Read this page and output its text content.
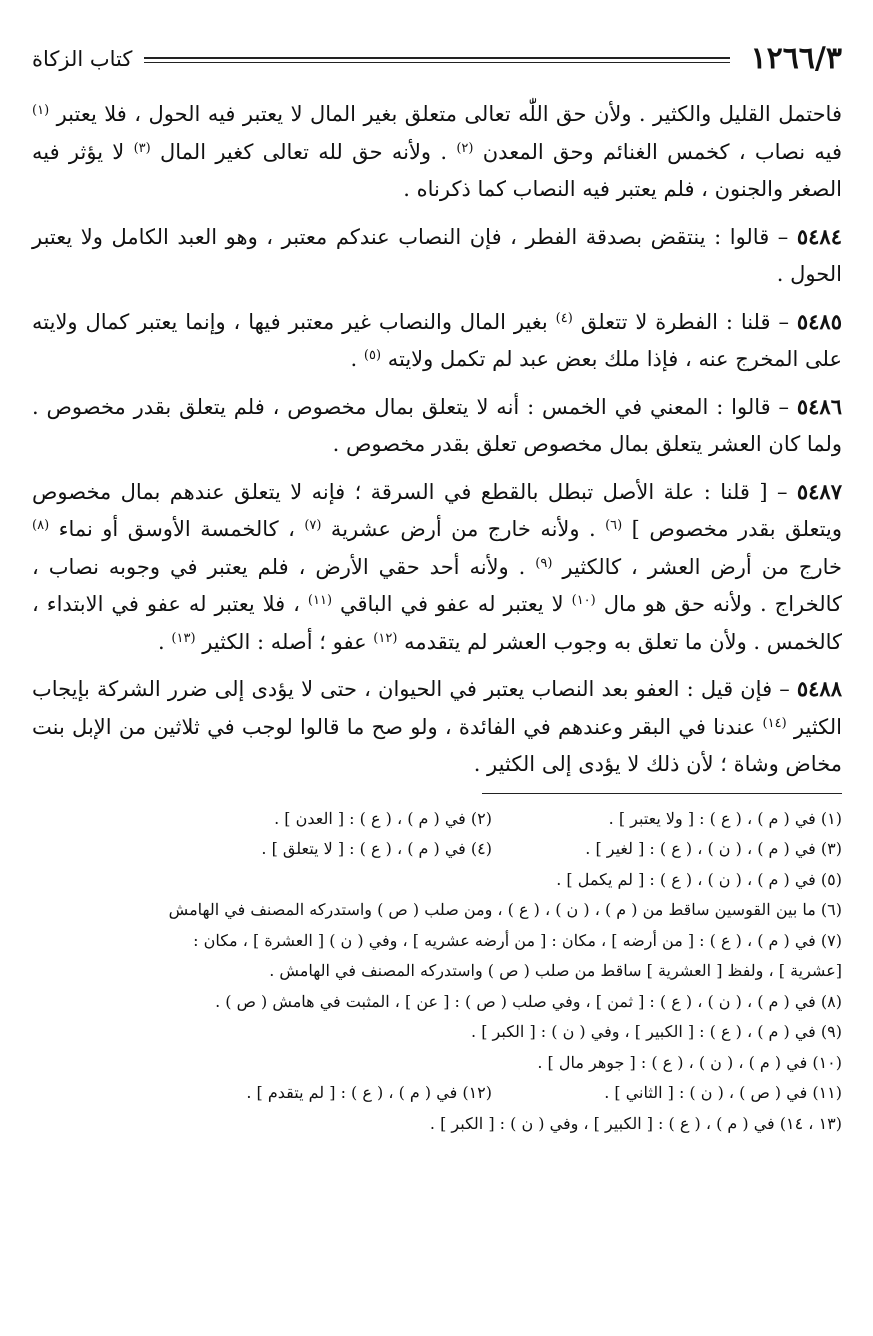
١٢٦٦/٣
كتاب الزكاة

فاحتمل القليل والكثير . ولأن حق اللّٰه تعالى متعلق بغير المال لا يعتبر فيه الحول ، فلا يعتبر $^{(١)}$ فيه نصاب ، كخمس الغنائم وحق المعدن $^{(٢)}$ . ولأنه حق لله تعالى كغير المال $^{(٣)}$ لا يؤثر فيه الصغر والجنون ، فلم يعتبر فيه النصاب كما ذكرناه .

٥٤٨٤ – قالوا : ينتقض بصدقة الفطر ، فإن النصاب عندكم معتبر ، وهو العبد الكامل ولا يعتبر الحول .

٥٤٨٥ – قلنا : الفطرة لا تتعلق $^{(٤)}$ بغير المال والنصاب غير معتبر فيها ، وإنما يعتبر كمال ولايته على المخرج عنه ، فإذا ملك بعض عبد لم تكمل ولايته $^{(٥)}$ .

٥٤٨٦ – قالوا : المعني في الخمس : أنه لا يتعلق بمال مخصوص ، فلم يتعلق بقدر مخصوص . ولما كان العشر يتعلق بمال مخصوص تعلق بقدر مخصوص .

٥٤٨٧ – [ قلنا : علة الأصل تبطل بالقطع في السرقة ؛ فإنه لا يتعلق عندهم بمال مخصوص ويتعلق بقدر مخصوص ] $^{(٦)}$ . ولأنه خارج من أرض عشرية $^{(٧)}$ ، كالخمسة الأوسق أو نماء $^{(٨)}$ خارج من أرض العشر ، كالكثير $^{(٩)}$ . ولأنه أحد حقي الأرض ، فلم يعتبر في وجوبه نصاب ، كالخراج . ولأنه حق هو مال $^{(١٠)}$ لا يعتبر له عفو في الباقي $^{(١١)}$ ، فلا يعتبر له عفو في الابتداء ، كالخمس . ولأن ما تعلق به وجوب العشر لم يتقدمه $^{(١٢)}$ عفو ؛ أصله : الكثير $^{(١٣)}$ .

٥٤٨٨ – فإن قيل : العفو بعد النصاب يعتبر في الحيوان ، حتى لا يؤدى إلى ضرر الشركة بإيجاب الكثير $^{(١٤)}$ عندنا في البقر وعندهم في الفائدة ، ولو صح ما قالوا لوجب في ثلاثين من الإبل بنت مخاض وشاة ؛ لأن ذلك لا يؤدى إلى الكثير .

(١) في ( م ) ، ( ع ) : [ ولا يعتبر ] .
(٢) في ( م ) ، ( ع ) : [ العدن ] .
(٣) في ( م ) ، ( ن ) ، ( ع ) : [ لغير ] .
(٤) في ( م ) ، ( ع ) : [ لا يتعلق ] .
(٥) في ( م ) ، ( ن ) ، ( ع ) : [ لم يكمل ] .
(٦) ما بين القوسين ساقط من ( م ) ، ( ن ) ، ( ع ) ، ومن صلب ( ص ) واستدركه المصنف في الهامش
(٧) في ( م ) ، ( ع ) : [ من أرضه ] ، مكان : [ من أرضه عشريه ] ، وفي ( ن ) [ العشرة ] ، مكان :
[عشرية ] ، ولفظ [ العشرية ] ساقط من صلب ( ص ) واستدركه المصنف في الهامش .
(٨) في ( م ) ، ( ن ) ، ( ع ) : [ ثمن ] ، وفي صلب ( ص ) : [ عن ] ، المثبت في هامش ( ص ) .
(٩) في ( م ) ، ( ع ) : [ الكبير ] ، وفي ( ن ) : [ الكبر ] .
(١٠) في ( م ) ، ( ن ) ، ( ع ) : [ جوهر مال ] .
(١١) في ( ص ) ، ( ن ) : [ الثاني ] .
(١٢) في ( م ) ، ( ع ) : [ لم يتقدم ] .
(١٣ ، ١٤) في ( م ) ، ( ع ) : [ الكبير ] ، وفي ( ن ) : [ الكبر ] .
